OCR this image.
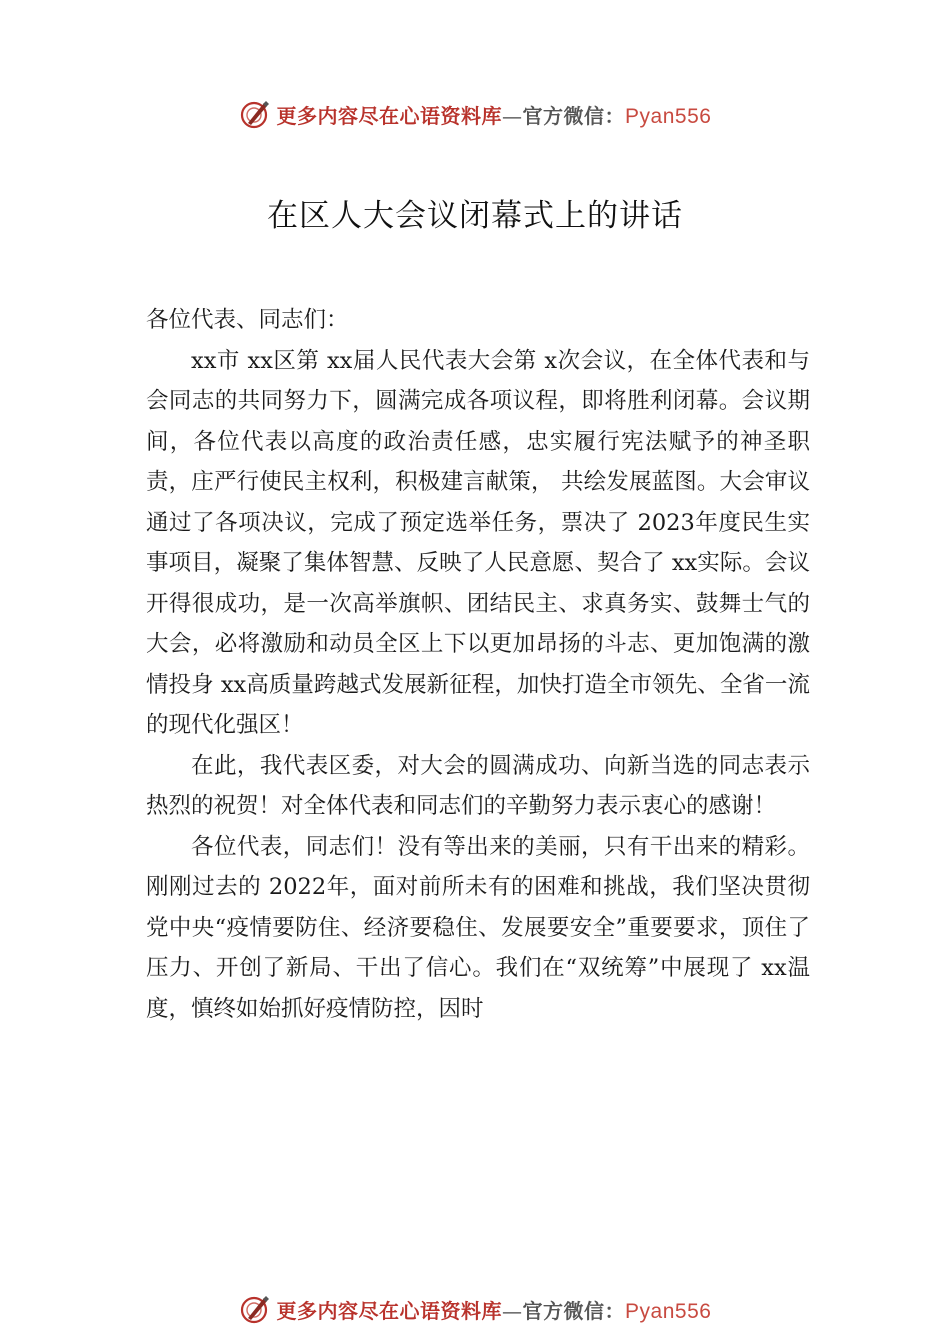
更多内容尽在心语资料库—官方微信：Pyan556
在区人大会议闭幕式上的讲话

各位代表、同志们：

xx市 xx区第 xx届人民代表大会第 x次会议，在全体代表和与会同志的共同努力下，圆满完成各项议程，即将胜利闭幕。会议期间，各位代表以高度的政治责任感，忠实履行宪法赋予的神圣职责，庄严行使民主权利，积极建言献策， 共绘发展蓝图。大会审议通过了各项决议，完成了预定选举任务，票决了 2023年度民生实事项目，凝聚了集体智慧、反映了人民意愿、契合了 xx实际。会议开得很成功，是一次高举旗帜、团结民主、求真务实、鼓舞士气的大会，必将激励和动员全区上下以更加昂扬的斗志、更加饱满的激情投身 xx高质量跨越式发展新征程，加快打造全市领先、全省一流的现代化强区！

在此，我代表区委，对大会的圆满成功、向新当选的同志表示热烈的祝贺！对全体代表和同志们的辛勤努力表示衷心的感谢！

各位代表，同志们！没有等出来的美丽，只有干出来的精彩。刚刚过去的 2022年，面对前所未有的困难和挑战，我们坚决贯彻党中央“疫情要防住、经济要稳住、发展要安全”重要要求，顶住了压力、开创了新局、干出了信心。我们在“双统筹”中展现了 xx温度，慎终如始抓好疫情防控，因时

更多内容尽在心语资料库—官方微信：Pyan556
